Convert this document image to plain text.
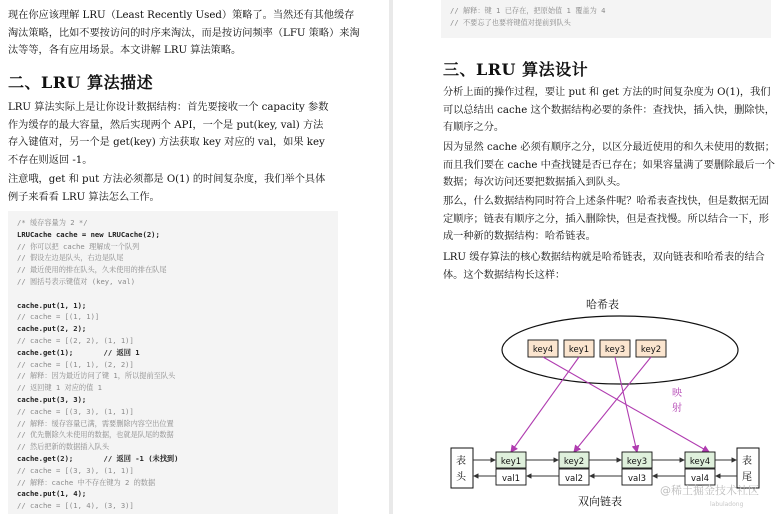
现在你应该理解 LRU（Least Recently Used）策略了。当然还有其他缓存淘汰策略，比如不要按访问的时序来淘汰，而是按访问频率（LFU 策略）来淘汰等等，各有应用场景。本文讲解 LRU 算法策略。

二、LRU 算法描述

LRU 算法实际上是让你设计数据结构：首先要接收一个 capacity 参数作为缓存的最大容量，然后实现两个 API，一个是 put(key, val) 方法存入键值对，另一个是 get(key) 方法获取 key 对应的 val，如果 key 不存在则返回 -1。

注意哦，get 和 put 方法必须都是 O(1) 的时间复杂度，我们举个具体例子来看看 LRU 算法怎么工作。

/* 缓存容量为 2 */
LRUCache cache = new LRUCache(2);
// 你可以把 cache 理解成一个队列
// 假设左边是队头，右边是队尾
// 最近使用的排在队头，久未使用的排在队尾
// 圆括号表示键值对 (key, val)
cache.put(1, 1);
// cache = [(1, 1)]
cache.put(2, 2);
// cache = [(2, 2), (1, 1)]
cache.get(1);       // 返回 1
// cache = [(1, 1), (2, 2)]
// 解释：因为最近访问了键 1，所以提前至队头
// 返回键 1 对应的值 1
cache.put(3, 3);
// cache = [(3, 3), (1, 1)]
// 解释：缓存容量已满，需要删除内容空出位置
// 优先删除久未使用的数据，也就是队尾的数据
// 然后把新的数据插入队头
cache.get(2);       // 返回 -1 (未找到)
// cache = [(3, 3), (1, 1)]
// 解释：cache 中不存在键为 2 的数据
cache.put(1, 4);
// cache = [(1, 4), (3, 3)]
// 解释：键 1 已存在，把原始值 1 覆盖为 4
// 不要忘了也要将键值对提前到队头
三、LRU 算法设计

分析上面的操作过程，要让 put 和 get 方法的时间复杂度为 O(1)，我们可以总结出 cache 这个数据结构必要的条件：查找快，插入快，删除快，有顺序之分。

因为显然 cache 必须有顺序之分，以区分最近使用的和久未使用的数据；而且我们要在 cache 中查找键是否已存在；如果容量满了要删除最后一个数据；每次访问还要把数据插入到队头。

那么，什么数据结构同时符合上述条件呢？哈希表查找快，但是数据无固定顺序；链表有顺序之分，插入删除快，但是查找慢。所以结合一下，形成一种新的数据结构：哈希链表。

LRU 缓存算法的核心数据结构就是哈希链表，双向链表和哈希表的结合体。这个数据结构长这样：

哈希表
key4 key1 key3 key2
映
射
表
头
表
尾
key1
val1
key2
val2
key3
val3
key4
val4
双向链表
@稀土掘金技术社区
labuladong
